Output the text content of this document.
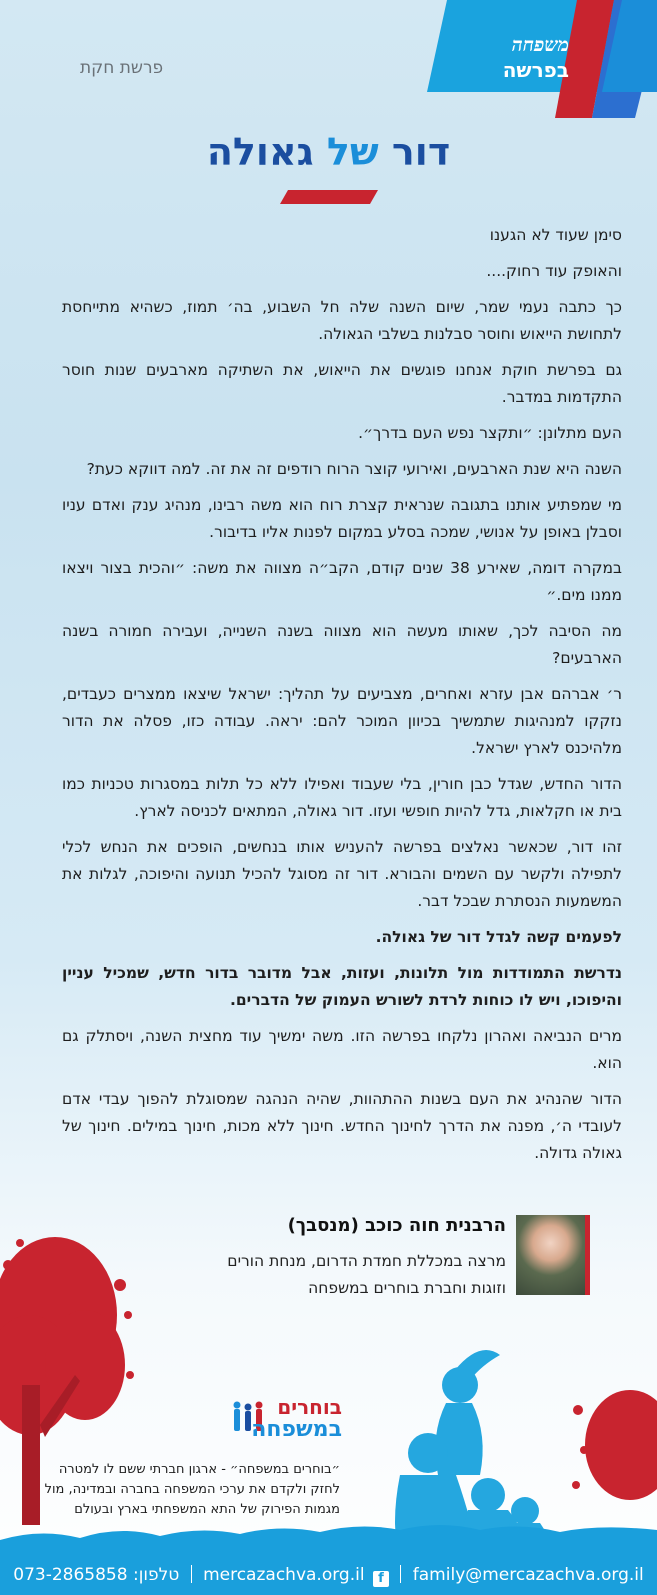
משפחה
בפרשה
פרשת חקת
דור של גאולה

סימן שעוד לא הגענו

והאופק עוד רחוק....

כך כתבה נעמי שמר, שיום השנה שלה חל השבוע, בה׳ תמוז, כשהיא מתייחסת לתחושת הייאוש וחוסר סבלנות בשלבי הגאולה.

גם בפרשת חוקת אנחנו פוגשים את הייאוש, את השתיקה מארבעים שנות חוסר התקדמות במדבר.

העם מתלונן: ״ותקצר נפש העם בדרך״.

השנה היא שנת הארבעים, ואירועי קוצר הרוח רודפים זה את זה. למה דווקא כעת?

מי שמפתיע אותנו בתגובה שנראית קצרת רוח הוא משה רבינו, מנהיג ענק ואדם עניו וסבלן באופן על אנושי, שמכה בסלע במקום לפנות אליו בדיבור.

במקרה דומה, שאירע 38 שנים קודם, הקב״ה מצווה את משה: ״והכית בצור ויצאו ממנו מים.״

מה הסיבה לכך, שאותו מעשה הוא מצווה בשנה השנייה, ועבירה חמורה בשנה הארבעים?

ר׳ אברהם אבן עזרא ואחרים, מצביעים על תהליך: ישראל שיצאו ממצרים כעבדים, נזקקו למנהיגות שתמשיך בכיוון המוכר להם: יראה. עבודה כזו, פסלה את הדור מלהיכנס לארץ ישראל.

הדור החדש, שגדל כבן חורין, בלי שעבוד ואפילו ללא כל תלות במסגרות טכניות כמו בית או חקלאות, גדל להיות חופשי ועזו. דור גאולה, המתאים לכניסה לארץ.

זהו דור, שכאשר נאלצים בפרשה להעניש אותו בנחשים, הופכים את הנחש לכלי לתפילה ולקשר עם השמים והבורא. דור זה מסוגל להכיל תנועה והיפוכה, לגלות את המשמעות הנסתרת שבכל דבר.

לפעמים קשה לגדל דור של גאולה.

נדרשת התמודדות מול תלונות, ועזות, אבל מדובר בדור חדש, שמכיל עניין והיפוכו, ויש לו כוחות לרדת לשורש העמוק של הדברים.

מרים הנביאה ואהרון נלקחו בפרשה הזו. משה ימשיך עוד מחצית השנה, ויסתלק גם הוא.

הדור שהנהיג את העם בשנות ההתהוות, שהיה הנהגה שמסוגלת להפוך עבדי אדם לעובדי ה׳, מפנה את הדרך לחינוך החדש. חינוך ללא מכות, חינוך במילים. חינוך של גאולה גדולה.

הרבנית חוה כוכב (מנסבך)
מרצה במכללת חמדת הדרום, מנחת הורים וזוגות וחברת בוחרים במשפחה
בוחרים
במשפחה
״בוחרים במשפחה״ - ארגון חברתי ששם לו למטרה לחזק ולקדם את ערכי המשפחה בחברה ובמדינה, מול מגמות הפירוק של התא המשפחתי בארץ ובעולם
073-2865858 :טלפון mercazachva.org.il f family@mercazachva.org.il
